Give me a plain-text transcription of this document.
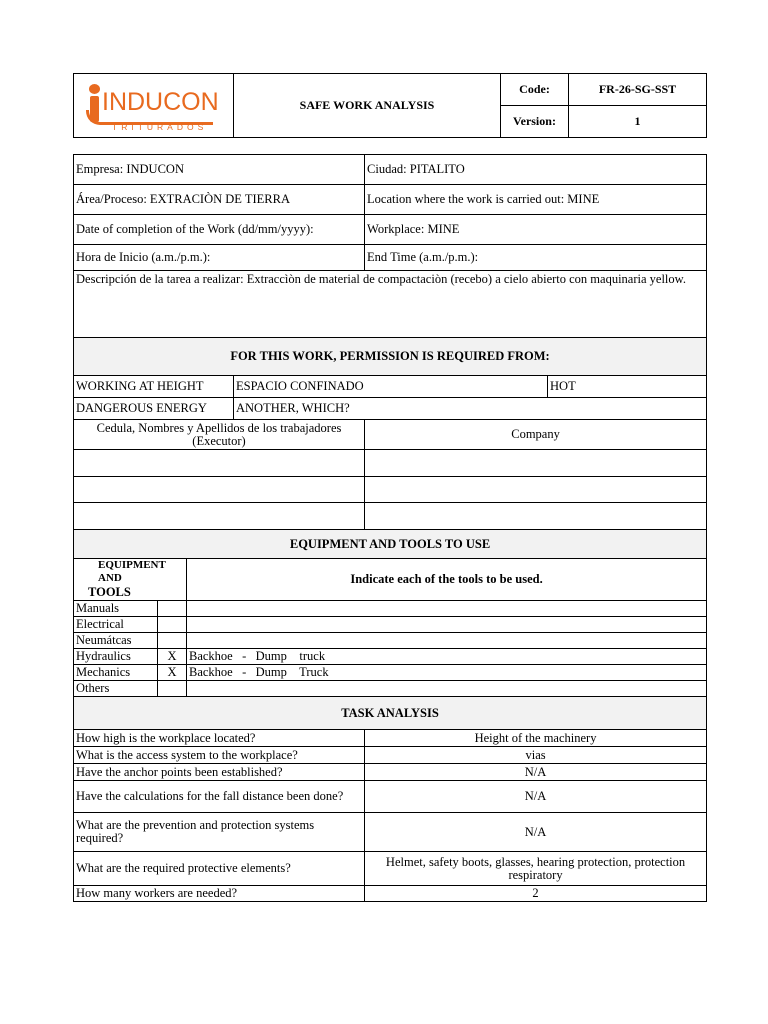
INDUCON
TRITURADOS	SAFE WORK ANALYSIS	Code:	FR-26-SG-SST
		Version:	1
Empresa: INDUCON				Ciudad: PITALITO	
Área/Proceso: EXTRACIÒN DE TIERRA				Location where the work is carried out: MINE	
Date of completion of the Work (dd/mm/yyyy):				Workplace: MINE	
Hora de Inicio (a.m./p.m.):				End Time (a.m./p.m.):	
Descripción de la tarea a realizar: Extraccìòn de material de compactaciòn (recebo) a cielo abierto con maquinaria yellow.					
FOR THIS WORK, PERMISSION IS REQUIRED FROM:					
WORKING AT HEIGHT			ESPACIO CONFINADO		HOT
DANGEROUS ENERGY			ANOTHER, WHICH?		
Cedula, Nombres y Apellidos de los trabajadores (Executor)				Company	

EQUIPMENT AND TOOLS TO USE					

EQUIPMENT AND
TOOLS		Indicate each of the tools to be used.			
Manuals					
Electrical					
Neumátcas					
Hydraulics	X	Backhoe   -   Dump    truck			
Mechanics	X	Backhoe   -   Dump    Truck			
Others					
TASK ANALYSIS					
How high is the workplace located?				Height of the machinery	
What is the access system to the workplace?				vias	
Have the anchor points been established?				N/A	
Have the calculations for the fall distance been done?				N/A	
What are the prevention and protection systems required?				N/A	
What are the required protective elements?				Helmet, safety boots, glasses, hearing protection, protection respiratory	
How many workers are needed?				2	
